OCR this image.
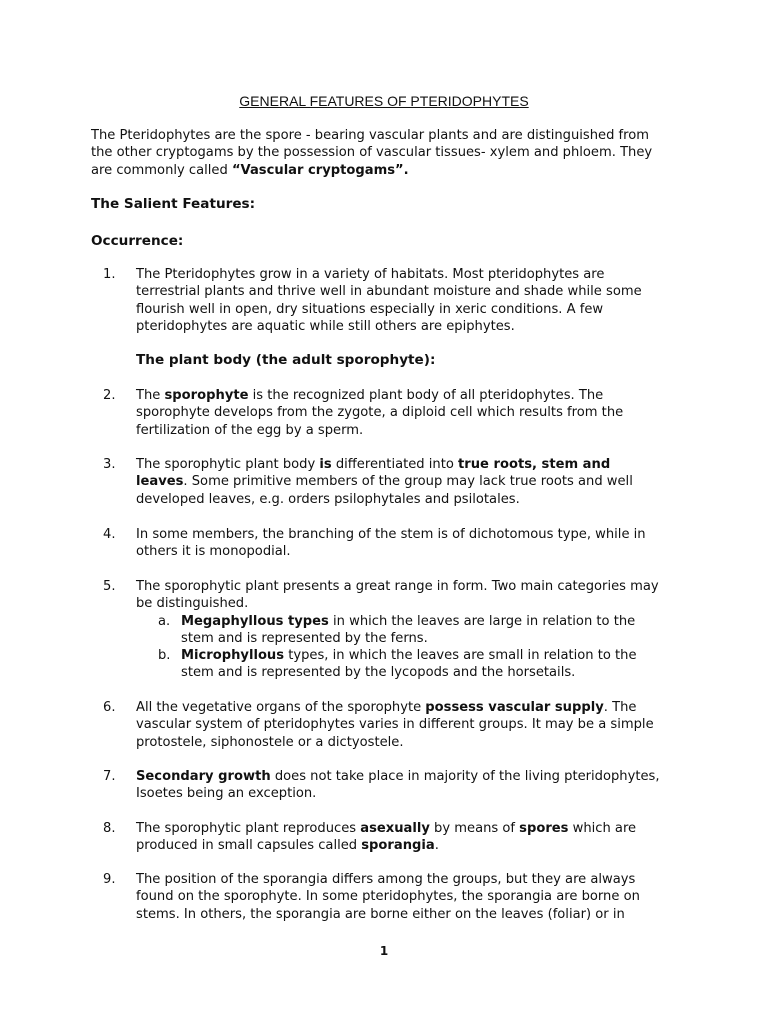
GENERAL FEATURES OF PTERIDOPHYTES
The Pteridophytes are the spore - bearing vascular plants and are distinguished from
the other cryptogams by the possession of vascular tissues- xylem and phloem. They
are commonly called “Vascular cryptogams”.
The Salient Features:
Occurrence:
1. The Pteridophytes grow in a variety of habitats. Most pteridophytes are
terrestrial plants and thrive well in abundant moisture and shade while some
flourish well in open, dry situations especially in xeric conditions. A few
pteridophytes are aquatic while still others are epiphytes.
The plant body (the adult sporophyte):
2. The sporophyte is the recognized plant body of all pteridophytes. The
sporophyte develops from the zygote, a diploid cell which results from the
fertilization of the egg by a sperm.
3. The sporophytic plant body is differentiated into true roots, stem and
leaves. Some primitive members of the group may lack true roots and well
developed leaves, e.g. orders psilophytales and psilotales.
4. In some members, the branching of the stem is of dichotomous type, while in
others it is monopodial.
5. The sporophytic plant presents a great range in form. Two main categories may
be distinguished.
a. Megaphyllous types in which the leaves are large in relation to the
stem and is represented by the ferns.
b. Microphyllous types, in which the leaves are small in relation to the
stem and is represented by the lycopods and the horsetails.
6. All the vegetative organs of the sporophyte possess vascular supply. The
vascular system of pteridophytes varies in different groups. It may be a simple
protostele, siphonostele or a dictyostele.
7. Secondary growth does not take place in majority of the living pteridophytes,
Isoetes being an exception.
8. The sporophytic plant reproduces asexually by means of spores which are
produced in small capsules called sporangia.
9. The position of the sporangia differs among the groups, but they are always
found on the sporophyte. In some pteridophytes, the sporangia are borne on
stems. In others, the sporangia are borne either on the leaves (foliar) or in
1
